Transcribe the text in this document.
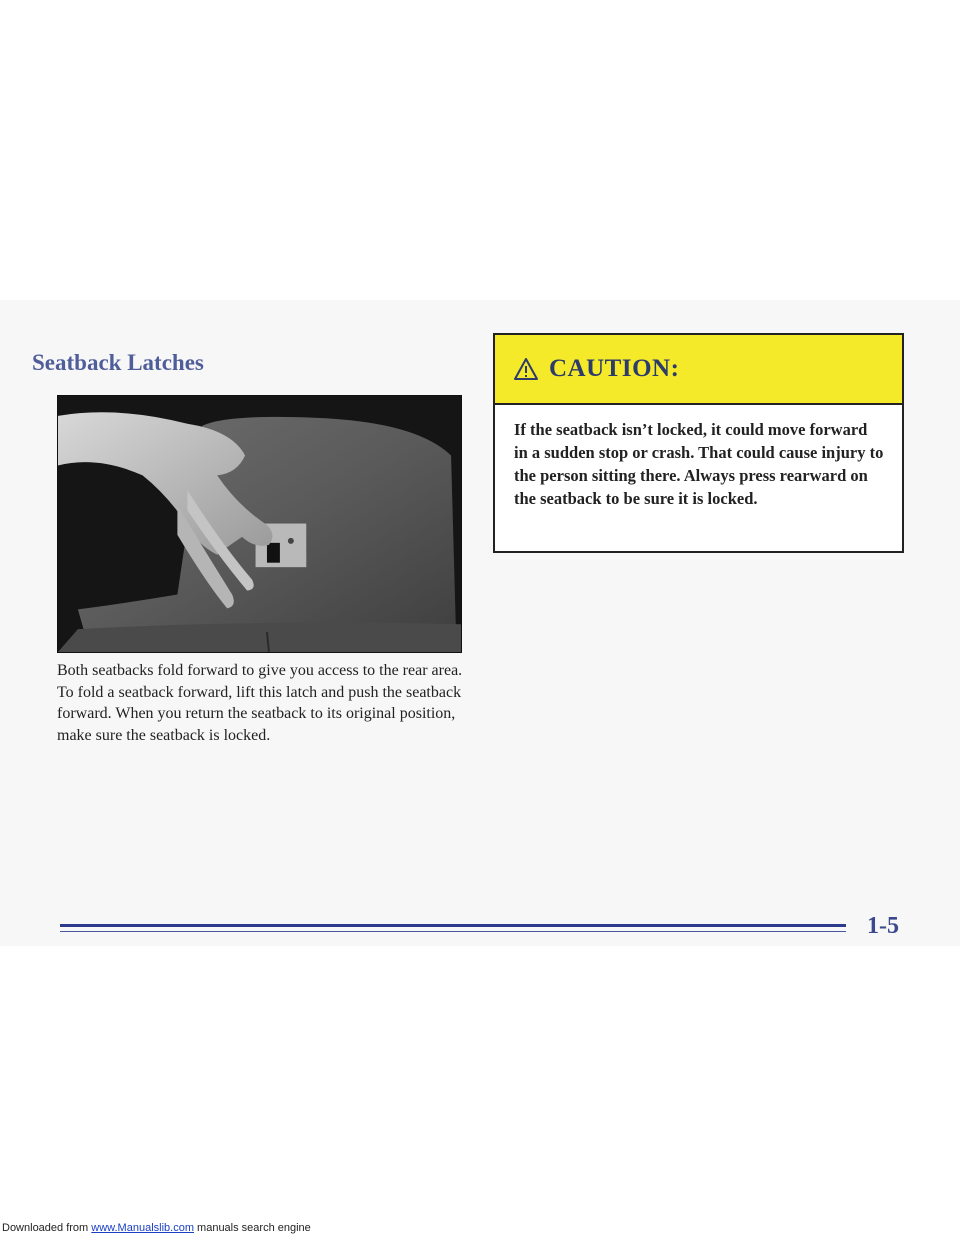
Seatback Latches

Both seatbacks fold forward to give you access to the rear area. To fold a seatback forward, lift this latch and push the seatback forward. When you return the seatback to its original position, make sure the seatback is locked.

CAUTION:

If the seatback isn’t locked, it could move forward in a sudden stop or crash. That could cause injury to the person sitting there. Always press rearward on the seatback to be sure it is locked.

1-5

Downloaded from www.Manualslib.com manuals search engine
